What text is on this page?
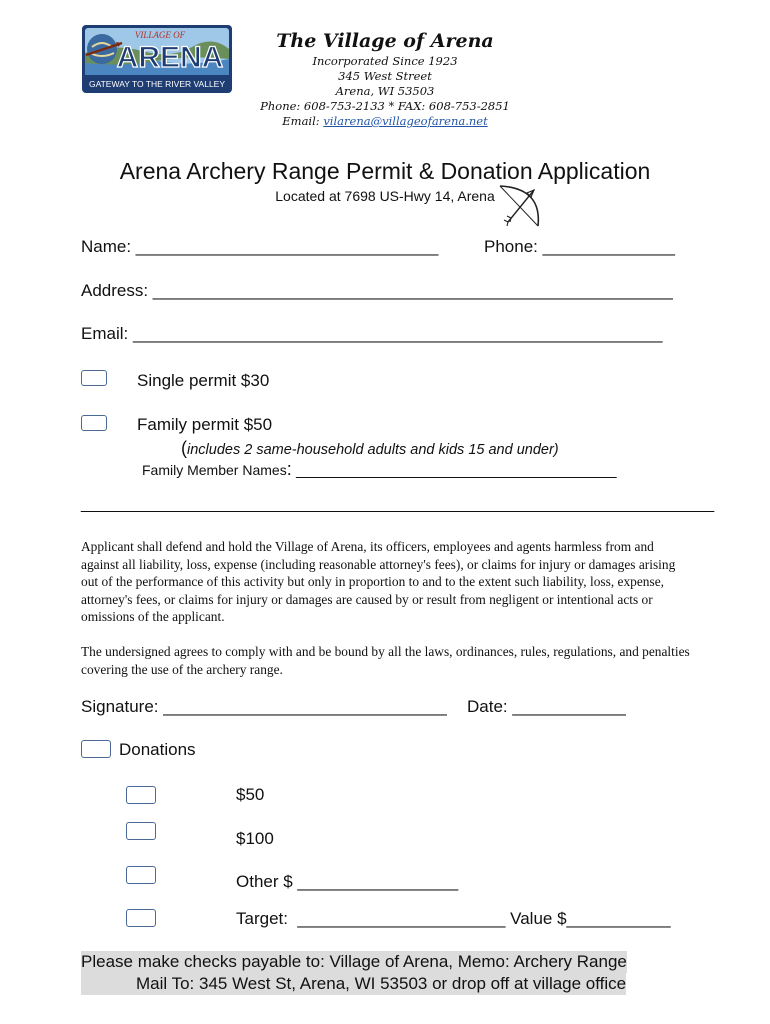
VILLAGE OF
ARENA
GATEWAY TO THE RIVER VALLEY
The Village of Arena
Incorporated Since 1923
345 West Street
Arena, WI 53503
Phone: 608-753-2133 * FAX: 608-753-2851
Email: vilarena@villageofarena.net
Arena Archery Range Permit & Donation Application
Located at 7698 US-Hwy 14, Arena
Name: ________________________________	Phone: ______________
Address: _______________________________________________________
Email: ________________________________________________________
Single permit $30
Family permit $50
(includes 2 same-household adults and kids 15 and under)
Family Member Names: ____________________________________
_______________________________________________________________________
Applicant shall defend and hold the Village of Arena, its officers, employees and agents harmless from and against all liability, loss, expense (including reasonable attorney's fees), or claims for injury or damages arising out of the performance of this activity but only in proportion to and to the extent such liability, loss, expense, attorney's fees, or claims for injury or damages are caused by or result from negligent or intentional acts or omissions of the applicant.
The undersigned agrees to comply with and be bound by all the laws, ordinances, rules, regulations, and penalties covering the use of the archery range.
Signature: ______________________________ Date: ____________
Donations
$50
$100
Other $ _________________
Target:  ______________________ Value $___________
Please make checks payable to: Village of Arena, Memo: Archery Range
Mail To: 345 West St, Arena, WI 53503 or drop off at village office
